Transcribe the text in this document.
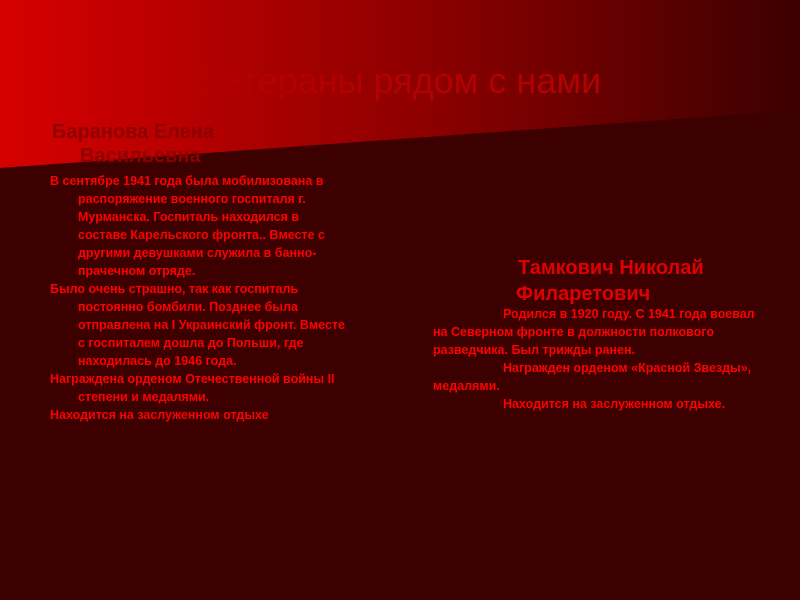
Ветераны рядом с нами
Баранова Елена
Васильевна

В сентябре 1941 года была мобилизована в распоряжение военного госпиталя г. Мурманска. Госпиталь находился в составе Карельского фронта.. Вместе с другими девушками служила в банно- прачечном отряде.

Было очень страшно, так как госпиталь постоянно бомбили. Позднее была отправлена на I Украинский фронт. Вместе с госпиталем дошла до Польши, где находилась до 1946 года.

Награждена орденом Отечественной войны II степени и медалями.

Находится на заслуженном отдыхе

Тамкович Николай
Филаретович

Родился в 1920 году. С 1941 года воевал на Северном фронте в должности полкового разведчика. Был трижды ранен.

Награжден орденом «Красной Звезды», медалями.

Находится на заслуженном отдыхе.
